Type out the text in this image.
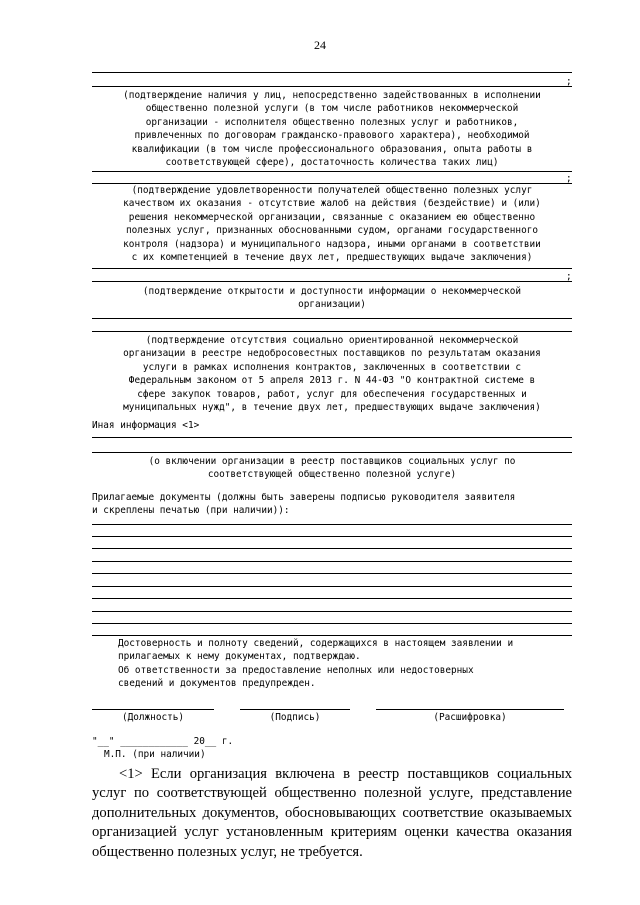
24
;
(подтверждение наличия у лиц, непосредственно задействованных в исполнении
общественно полезной услуги (в том числе работников некоммерческой
организации - исполнителя общественно полезных услуг и работников,
привлеченных по договорам гражданско-правового характера), необходимой
квалификации (в том числе профессионального образования, опыта работы в
соответствующей сфере), достаточность количества таких лиц)
;
(подтверждение удовлетворенности получателей общественно полезных услуг
качеством их оказания - отсутствие жалоб на действия (бездействие) и (или)
решения некоммерческой организации, связанные с оказанием ею общественно
полезных услуг, признанных обоснованными судом, органами государственного
контроля (надзора) и муниципального надзора, иными органами в соответствии
с их компетенцией в течение двух лет, предшествующих выдаче заключения)
;
(подтверждение открытости и доступности информации о некоммерческой
организации)
(подтверждение отсутствия социально ориентированной некоммерческой
организации в реестре недобросовестных поставщиков по результатам оказания
услуги в рамках исполнения контрактов, заключенных в соответствии с
Федеральным законом от 5 апреля 2013 г. N 44-ФЗ "О контрактной системе в
сфере закупок товаров, работ, услуг для обеспечения государственных и
муниципальных нужд", в течение двух лет, предшествующих выдаче заключения)
Иная информация <1>
(о включении организации в реестр поставщиков социальных услуг по
соответствующей общественно полезной услуге)
Прилагаемые документы (должны быть заверены подписью руководителя заявителя
и скреплены печатью (при наличии)):
Достоверность и полноту сведений, содержащихся в настоящем заявлении и
прилагаемых к нему документах, подтверждаю.
Об ответственности за предоставление неполных или недостоверных
сведений и документов предупрежден.
(Должность)	(Подпись)	(Расшифровка)
"__" ____________ 20__ г.
М.П. (при наличии)
<1> Если организация включена в реестр поставщиков социальных услуг по соответствующей общественно полезной услуге, представление дополнительных документов, обосновывающих соответствие оказываемых организацией услуг установленным критериям оценки качества оказания общественно полезных услуг, не требуется.
